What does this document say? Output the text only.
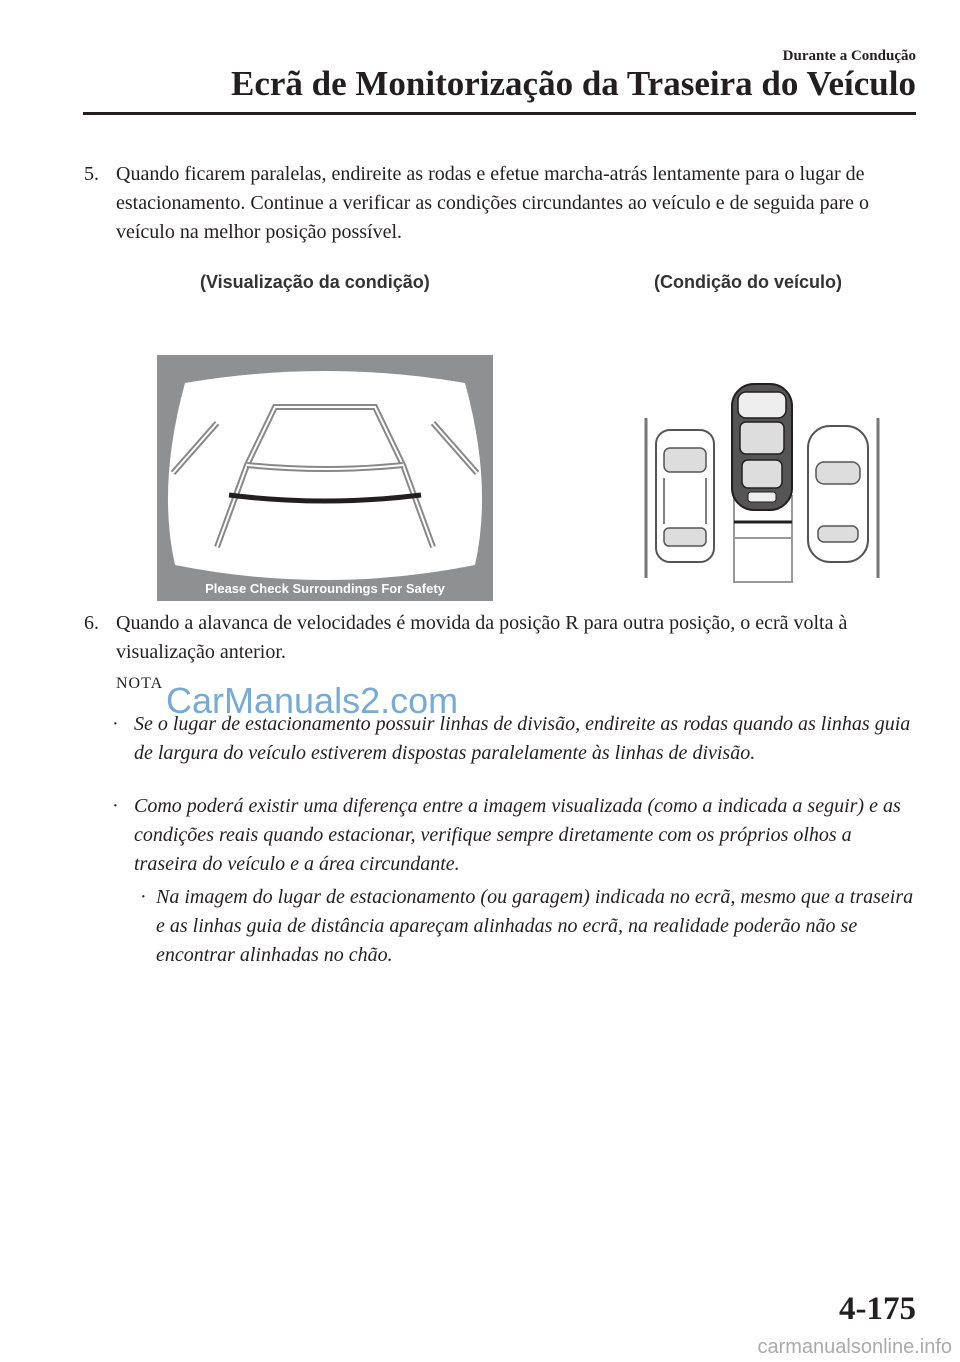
Durante a Condução
Ecrã de Monitorização da Traseira do Veículo
5. Quando ficarem paralelas, endireite as rodas e efetue marcha-atrás lentamente para o lugar de estacionamento. Continue a verificar as condições circundantes ao veículo e de seguida pare o veículo na melhor posição possível.
(Visualização da condição)	(Condição do veículo)
Please Check Surroundings For Safety
6. Quando a alavanca de velocidades é movida da posição R para outra posição, o ecrã volta à visualização anterior.
NOTA CarManuals2.com
· Se o lugar de estacionamento possuir linhas de divisão, endireite as rodas quando as linhas guia de largura do veículo estiverem dispostas paralelamente às linhas de divisão.
· Como poderá existir uma diferença entre a imagem visualizada (como a indicada a seguir) e as condições reais quando estacionar, verifique sempre diretamente com os próprios olhos a traseira do veículo e a área circundante.
· Na imagem do lugar de estacionamento (ou garagem) indicada no ecrã, mesmo que a traseira e as linhas guia de distância apareçam alinhadas no ecrã, na realidade poderão não se encontrar alinhadas no chão.
4-175
carmanualsonline.info
